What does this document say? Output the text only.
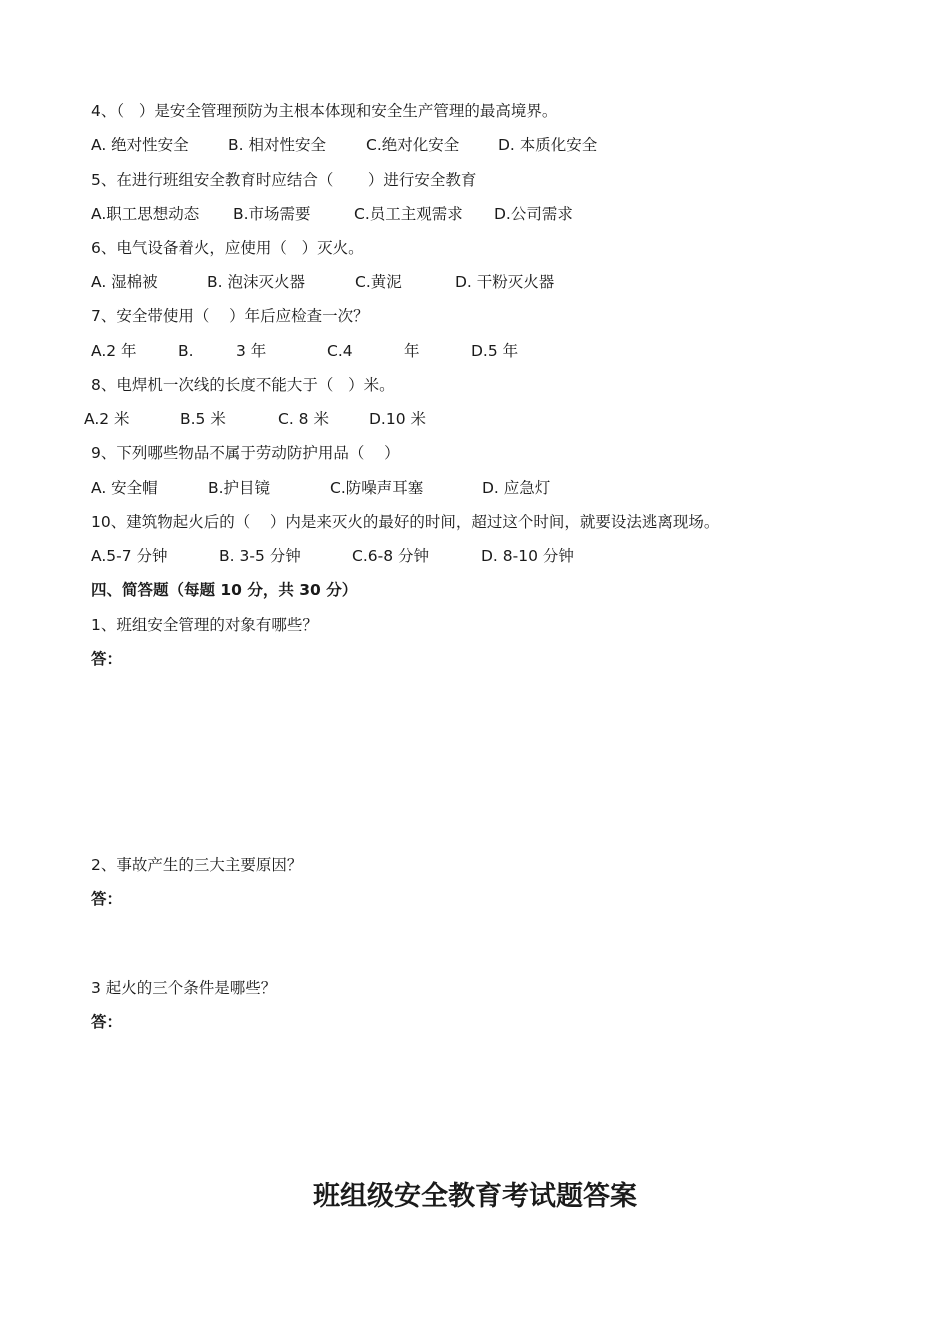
4、（   ）是安全管理预防为主根本体现和安全生产管理的最高境界。
A. 绝对性安全	B. 相对性安全	C.绝对化安全 D. 本质化安全
5、在进行班组安全教育时应结合（       ）进行安全教育
A.职工思想动态 B.市场需要	C.员工主观需求 D.公司需求
6、电气设备着火，应使用（   ）灭火。
A. 湿棉被	B. 泡沫灭火器	C.黄泥	D. 干粉灭火器
7、安全带使用（    ）年后应检查一次？
A.2 年	B.	3 年	C.4	年	D.5 年
8、电焊机一次线的长度不能大于（   ）米。
A.2 米	B.5 米	C. 8 米	D.10 米
9、下列哪些物品不属于劳动防护用品（    ）
A. 安全帽	B.护目镜	C.防噪声耳塞	D. 应急灯
10、建筑物起火后的（    ）内是来灭火的最好的时间，超过这个时间，就要设法逃离现场。
A.5-7 分钟	B. 3-5 分钟	C.6-8 分钟	D. 8-10 分钟
四、简答题（每题 10 分，共 30 分）
1、班组安全管理的对象有哪些？
答：
2、事故产生的三大主要原因？
答：
3 起火的三个条件是哪些？
答：
班组级安全教育考试题答案
